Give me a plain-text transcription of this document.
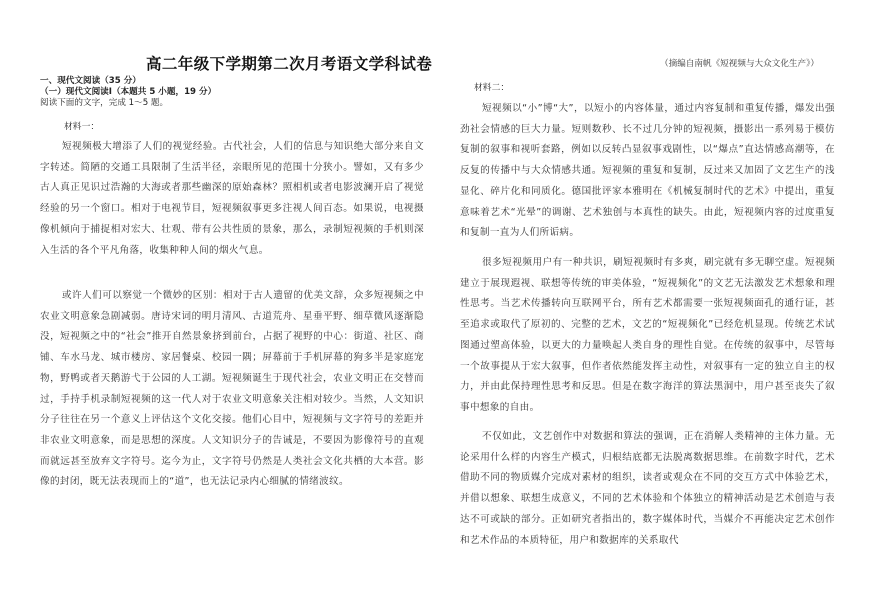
高二年级下学期第二次月考语文学科试卷
一、现代文阅读（35 分）
（一）现代文阅读Ⅰ（本题共 5 小题，19 分）
阅读下面的文字，完成 1～5 题。
材料一：
短视频极大增添了人们的视觉经验。古代社会，人们的信息与知识绝大部分来自文字转述。简陋的交通工具限制了生活半径，亲眼所见的范围十分狭小。譬如，又有多少古人真正见识过浩瀚的大海或者那些幽深的原始森林？照相机或者电影波澜开启了视觉经验的另一个窗口。相对于电视节目，短视频叙事更多注视人间百态。如果说，电视摄像机倾向于捕捉相对宏大、壮观、带有公共性质的景象，那么，录制短视频的手机则深入生活的各个平凡角落，收集种种人间的烟火气息。
或许人们可以察觉一个微妙的区别：相对于古人遗留的优美文辞，众多短视频之中农业文明意象急剧减弱。唐诗宋词的明月清风、古道荒舟、星垂平野、细草微风逐渐隐没，短视频之中的“社会”推开自然景象挤到前台，占据了视野的中心：街道、社区、商铺、车水马龙、城市楼房、家居餐桌、校园一隅；屏幕前于手机屏幕的狗多半是家庭宠物，野鸭或者天鹅游弋于公园的人工湖。短视频诞生于现代社会，农业文明正在交替而过，手持手机录制短视频的这一代人对于农业文明意象关注相对较少。当然，人文知识分子往往在另一个意义上评估这个文化交接。他们心目中，短视频与文字符号的差距并非农业文明意象，而是思想的深度。人文知识分子的告诫是，不要因为影像符号的直观而就远甚至放弃文字符号。迄今为止，文字符号仍然是人类社会文化共栖的大本营。影像的封闭，既无法表现而上的“道”，也无法记录内心细腻的情绪波纹。
（摘编自南帆《短视频与大众文化生产》）
材料二：
短视频以“小”博“大”，以短小的内容体量，通过内容复制和重复传播，爆发出强劲社会情感的巨大力量。短则数秒、长不过几分钟的短视频，摄影出一系列易于模仿复制的叙事和视听套路，例如以反转凸显叙事戏剧性，以“爆点”直达情感高潮等，在反复的传播中与大众情感共通。短视频的重复和复制，反过来又加固了文艺生产的浅显化、碎片化和同质化。德国批评家本雅明在《机械复制时代的艺术》中提出，重复意味着艺术“光晕”的调谢、艺术独创与本真性的缺失。由此，短视频内容的过度重复和复制一直为人们所诟病。
很多短视频用户有一种共识，刷短视频时有多爽，刷完就有多无聊空虚。短视频建立于展现遐视、联想等传统的审美体验，“短视频化”的文艺无法激发艺术想象和理性思考。当艺术传播转向互联网平台，所有艺术都需要一张短视频面孔的通行证，甚至追求或取代了原初的、完整的艺术，文艺的“短视频化”已经危机显现。传统艺术试图通过塑高体验，以更大的力量唤起人类自身的理性自觉。在传统的叙事中，尽管每一个故事提从于宏大叙事，但作者依然能发挥主动性，对叙事有一定的独立自主的权力，并由此保持理性思考和反思。但是在数字海洋的算法黑洞中，用户甚至丧失了叙事中想象的自由。
不仅如此，文艺创作中对数据和算法的强调，正在消解人类精神的主体力量。无论采用什么样的内容生产模式，归根结底都无法脱离数据思维。在前数字时代，艺术借助不同的物质媒介完成对素材的组织，读者或观众在不同的交互方式中体验艺术，并借以想象、联想生成意义，不同的艺术体验和个体独立的精神活动是艺术创造与表达不可或缺的部分。正如研究者指出的，数字媒体时代，当媒介不再能决定艺术创作和艺术作品的本质特征，用户和数据库的关系取代
